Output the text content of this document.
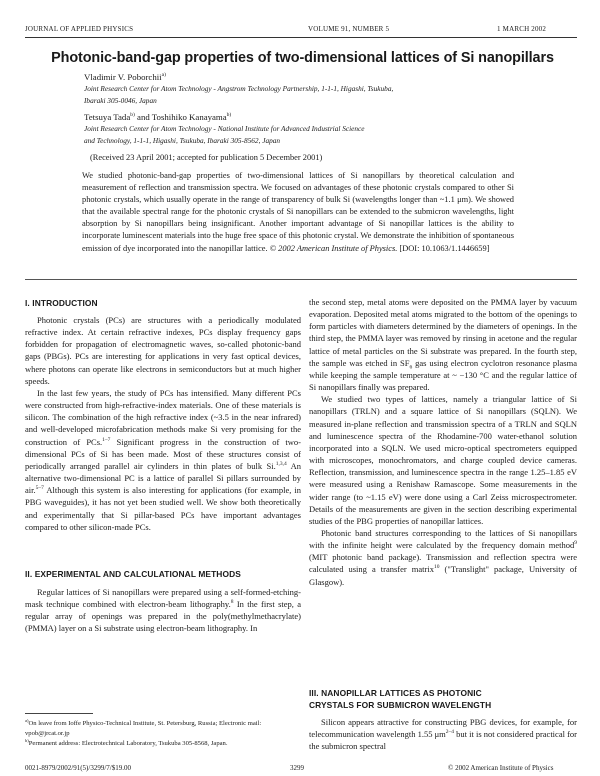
JOURNAL OF APPLIED PHYSICS	VOLUME 91, NUMBER 5	1 MARCH 2002
Photonic-band-gap properties of two-dimensional lattices of Si nanopillars
Vladimir V. Poborchii$^{a)}$
Joint Research Center for Atom Technology - Angstrom Technology Partnership, 1-1-1, Higashi, Tsukuba,
Ibaraki 305-0046, Japan
Tetsuya Tada$^{b)}$ and Toshihiko Kanayama$^{b)}$
Joint Research Center for Atom Technology - National Institute for Advanced Industrial Science
and Technology, 1-1-1, Higashi, Tsukuba, Ibaraki 305-8562, Japan
(Received 23 April 2001; accepted for publication 5 December 2001)
We studied photonic-band-gap properties of two-dimensional lattices of Si nanopillars by theoretical calculation and measurement of reflection and transmission spectra. We focused on advantages of these photonic crystals compared to other Si photonic crystals, which usually operate in the range of transparency of bulk Si (wavelengths longer than ~1.1 μm). We showed that the available spectral range for the photonic crystals of Si nanopillars can be extended to the submicron wavelengths, light absorption by Si nanopillars being insignificant. Another important advantage of Si nanopillar lattices is the ability to incorporate luminescent materials into the huge free space of this photonic crystal. We demonstrate the inhibition of spontaneous emission of dye incorporated into the nanopillar lattice. © 2002 American Institute of Physics. [DOI: 10.1063/1.1446659]
I. INTRODUCTION

Photonic crystals (PCs) are structures with a periodically modulated refractive index. At certain refractive indexes, PCs display frequency gaps forbidden for propagation of electromagnetic waves, so-called photonic-band gaps (PBGs). PCs are interesting for applications in very fast optical devices, where photons can operate like electrons in semiconductors but at much higher speeds.

In the last few years, the study of PCs has intensified. Many different PCs were constructed from high-refractive-index materials. One of these materials is silicon. The combination of the high refractive index (~3.5 in the near infrared) and well-developed microfabrication methods make Si very promising for the construction of PCs.$^{1-7}$ Significant progress in the construction of two-dimensional PCs of Si has been made. Most of these structures consist of periodically arranged parallel air cylinders in thin plates of bulk Si.$^{1,3,4}$ An alternative two-dimensional PC is a lattice of parallel Si pillars surrounded by air.$^{5-7}$ Although this system is also interesting for applications (for example, in PBG waveguides), it has not yet been studied well. We show both theoretically and experimentally that Si pillar-based PCs have important advantages compared to other silicon-made PCs.

II. EXPERIMENTAL AND CALCULATIONAL METHODS

Regular lattices of Si nanopillars were prepared using a self-formed-etching-mask technique combined with electron-beam lithography.$^8$ In the first step, a regular array of openings was prepared in the poly(methylmethacrylate) (PMMA) layer on a Si substrate using electron-beam lithography. In

$^{a)}$On leave from Ioffe Physico-Technical Institute, St. Petersburg, Russia; Electronic mail: vpob@jrcat.or.jp
$^{b)}$Permanent address: Electrotechnical Laboratory, Tsukuba 305-8568, Japan.

the second step, metal atoms were deposited on the PMMA layer by vacuum evaporation. Deposited metal atoms migrated to the bottom of the openings to form particles with diameters determined by the diameters of openings. In the third step, the PMMA layer was removed by rinsing in acetone and the regular lattice of metal particles on the Si substrate was prepared. In the fourth step, the sample was etched in $SF_6$ gas using electron cyclotron resonance plasma while keeping the sample temperature at ~ −130 °C and the regular lattice of Si nanopillars finally was prepared.

We studied two types of lattices, namely a triangular lattice of Si nanopillars (TRLN) and a square lattice of Si nanopillars (SQLN). We measured in-plane reflection and transmission spectra of a TRLN and SQLN and luminescence spectra of the Rhodamine-700 water-ethanol solution incorporated into a SQLN. We used micro-optical spectrometers equipped with microscopes, monochromators, and charge coupled device cameras. Reflection, transmission, and luminescence spectra in the range 1.25–1.85 eV were measured using a Renishaw Ramascope. Some measurements in the wider range (to ~1.15 eV) were done using a Carl Zeiss microspectrometer. Details of the measurements are given in the section describing experimental studies of the PBG properties of nanopillar lattices.

Photonic band structures corresponding to the lattices of Si nanopillars with the infinite height were calculated by the frequency domain method$^9$ (MIT photonic band package). Transmission and reflection spectra were calculated using a transfer matrix$^{10}$ ("Translight" package, University of Glasgow).

III. NANOPILLAR LATTICES AS PHOTONIC
CRYSTALS FOR SUBMICRON WAVELENGTH

Silicon appears attractive for constructing PBG devices, for example, for telecommunication wavelength 1.55 $\mu m^{2-4}$ but it is not considered practical for the submicron spectral

0021-8979/2002/91(5)/3299/7/$19.00	3299	© 2002 American Institute of Physics
